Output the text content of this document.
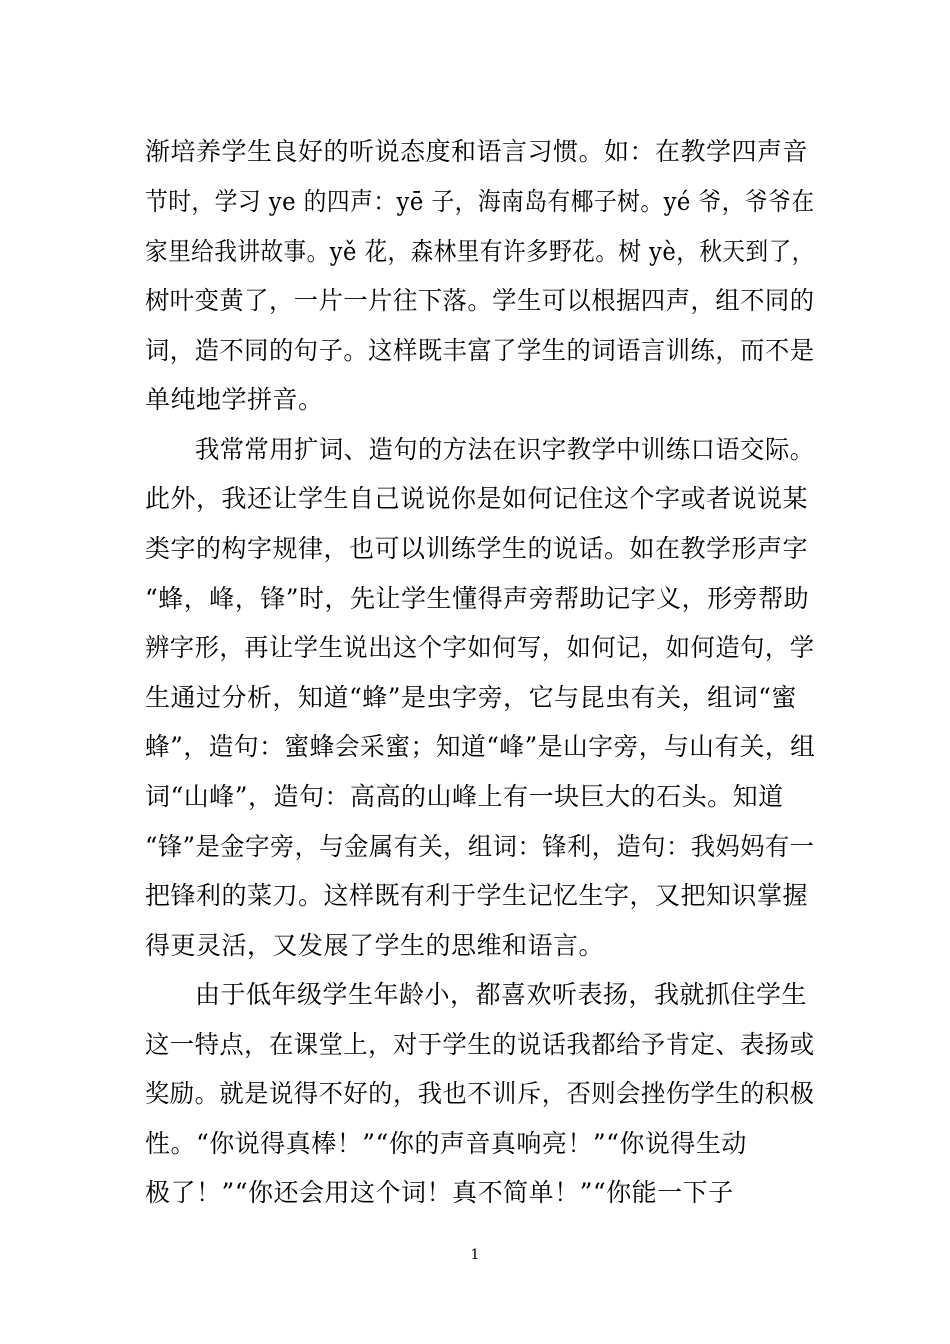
渐培养学生良好的听说态度和语言习惯。如：在教学四声音
节时，学习 ye 的四声：yē 子，海南岛有椰子树。yé 爷，爷爷在
家里给我讲故事。yě 花，森林里有许多野花。树 yè，秋天到了，
树叶变黄了，一片一片往下落。学生可以根据四声，组不同的
词，造不同的句子。这样既丰富了学生的词语言训练，而不是
单纯地学拼音。
我常常用扩词、造句的方法在识字教学中训练口语交际。
此外，我还让学生自己说说你是如何记住这个字或者说说某
类字的构字规律，也可以训练学生的说话。如在教学形声字
“蜂，峰，锋”时，先让学生懂得声旁帮助记字义，形旁帮助
辨字形，再让学生说出这个字如何写，如何记，如何造句，学
生通过分析，知道“蜂”是虫字旁，它与昆虫有关，组词“蜜
蜂”，造句：蜜蜂会采蜜；知道“峰”是山字旁，与山有关，组
词“山峰”，造句：高高的山峰上有一块巨大的石头。知道
“锋”是金字旁，与金属有关，组词：锋利，造句：我妈妈有一
把锋利的菜刀。这样既有利于学生记忆生字，又把知识掌握
得更灵活，又发展了学生的思维和语言。
由于低年级学生年龄小，都喜欢听表扬，我就抓住学生
这一特点，在课堂上，对于学生的说话我都给予肯定、表扬或
奖励。就是说得不好的，我也不训斥，否则会挫伤学生的积极
性。“你说得真棒！”“你的声音真响亮！”“你说得生动
极了！”“你还会用这个词！真不简单！”“你能一下子
1
